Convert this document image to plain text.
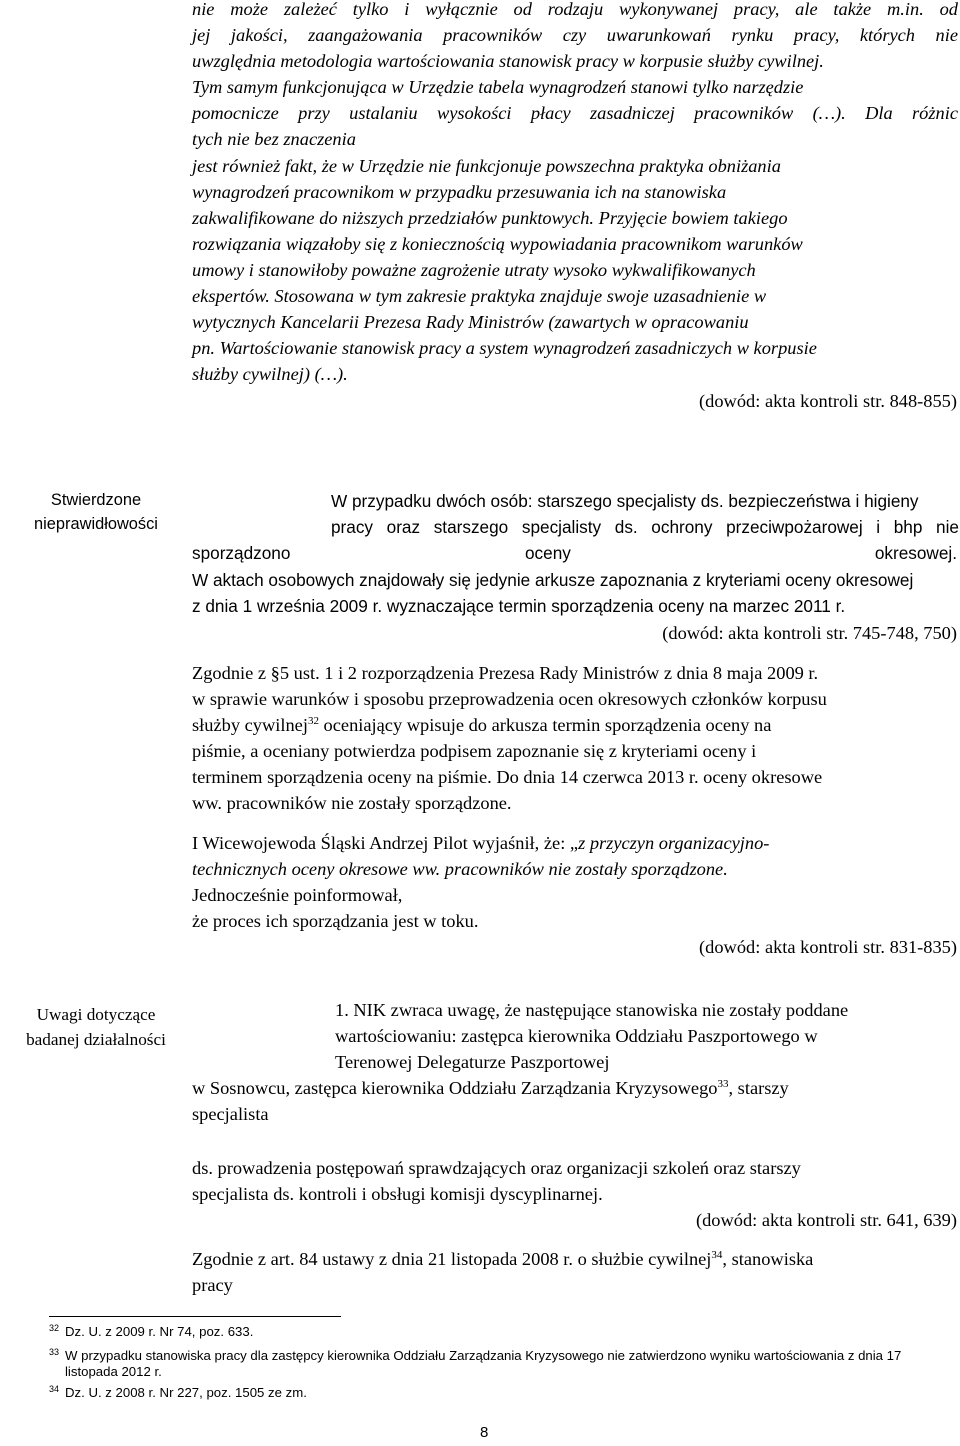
nie może zależeć tylko i wyłącznie od rodzaju wykonywanej pracy, ale także m.in. od
jej jakości, zaangażowania pracowników czy uwarunkowań rynku pracy, których nie
uwzględnia metodologia wartościowania stanowisk pracy w korpusie służby cywilnej.
Tym samym funkcjonująca w Urzędzie tabela wynagrodzeń stanowi tylko narzędzie
pomocnicze przy ustalaniu wysokości płacy zasadniczej pracowników (…). Dla różnic
tych nie bez znaczenia
jest również fakt, że w Urzędzie nie funkcjonuje powszechna praktyka obniżania
wynagrodzeń pracownikom w przypadku przesuwania ich na stanowiska
zakwalifikowane do niższych przedziałów punktowych. Przyjęcie bowiem takiego
rozwiązania wiązałoby się z koniecznością wypowiadania pracownikom warunków
umowy i stanowiłoby poważne zagrożenie utraty wysoko wykwalifikowanych
ekspertów. Stosowana w tym zakresie praktyka znajduje swoje uzasadnienie w
wytycznych Kancelarii Prezesa Rady Ministrów (zawartych w opracowaniu
pn. Wartościowanie stanowisk pracy a system wynagrodzeń zasadniczych w korpusie
służby cywilnej) (…).
(dowód: akta kontroli str. 848-855)
Stwierdzone
nieprawidłowości
W przypadku dwóch osób: starszego specjalisty ds. bezpieczeństwa i higieny
pracy oraz starszego specjalisty ds. ochrony przeciwpożarowej i bhp nie
sporządzono	oceny	okresowej.
W aktach osobowych znajdowały się jedynie arkusze zapoznania z kryteriami oceny okresowej
z dnia 1 września 2009 r. wyznaczające termin sporządzenia oceny na marzec 2011 r.
(dowód: akta kontroli str. 745-748, 750)
Zgodnie z §5 ust. 1 i 2 rozporządzenia Prezesa Rady Ministrów z dnia 8 maja 2009 r.
w sprawie warunków i sposobu przeprowadzenia ocen okresowych członków korpusu
służby cywilnej$^{32}$ oceniający wpisuje do arkusza termin sporządzenia oceny na
piśmie, a oceniany potwierdza podpisem zapoznanie się z kryteriami oceny i
terminem sporządzenia oceny na piśmie. Do dnia 14 czerwca 2013 r. oceny okresowe
ww. pracowników nie zostały sporządzone.
I Wicewojewoda Śląski Andrzej Pilot wyjaśnił, że: „z przyczyn organizacyjno-
technicznych oceny okresowe ww. pracowników nie zostały sporządzone.
Jednocześnie poinformował,
że proces ich sporządzania jest w toku.
(dowód: akta kontroli str. 831-835)
Uwagi dotyczące
badanej działalności
1. NIK zwraca uwagę, że następujące stanowiska nie zostały poddane
wartościowaniu: zastępca kierownika Oddziału Paszportowego w
Terenowej Delegaturze Paszportowej
w Sosnowcu, zastępca kierownika Oddziału Zarządzania Kryzysowego$^{33}$, starszy
specjalista
ds. prowadzenia postępowań sprawdzających oraz organizacji szkoleń oraz starszy
specjalista ds. kontroli i obsługi komisji dyscyplinarnej.
(dowód: akta kontroli str. 641, 639)
Zgodnie z art. 84 ustawy z dnia 21 listopada 2008 r. o służbie cywilnej$^{34}$, stanowiska
pracy
$^{32}$ Dz. U. z 2009 r. Nr 74, poz. 633.
$^{33}$ W przypadku stanowiska pracy dla zastępcy kierownika Oddziału Zarządzania Kryzysowego nie zatwierdzono wyniku wartościowania z dnia 17
listopada 2012 r.
$^{34}$ Dz. U. z 2008 r. Nr 227, poz. 1505 ze zm.
8
